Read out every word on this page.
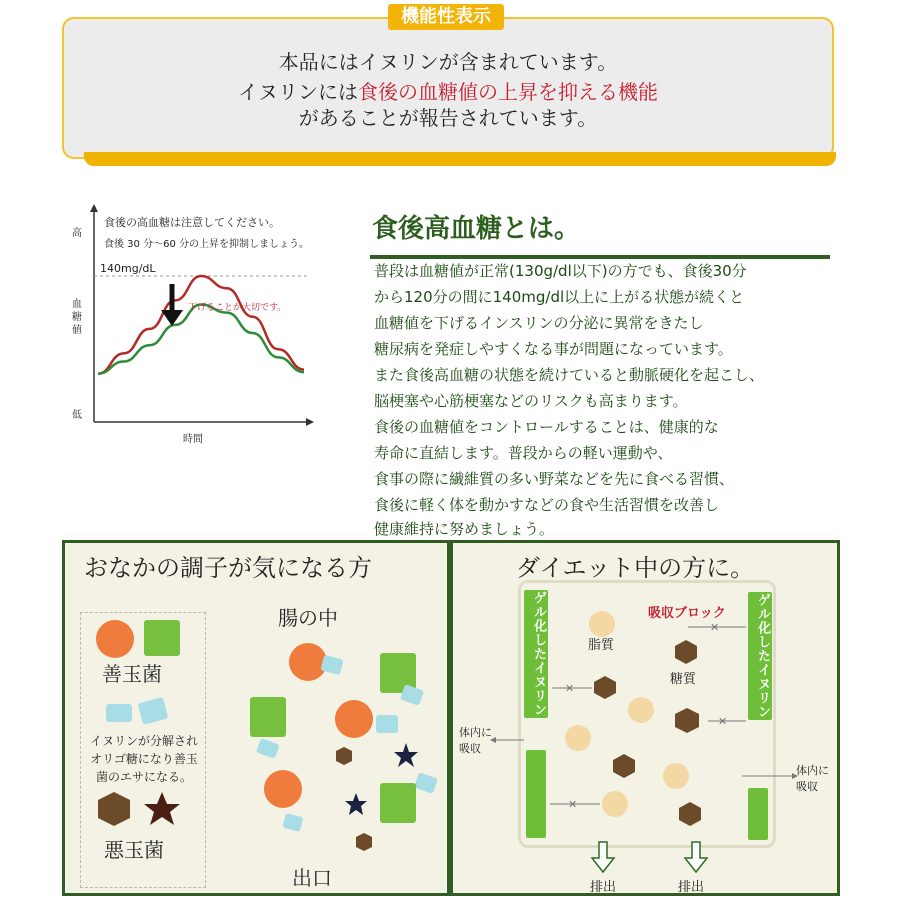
機能性表示
本品にはイヌリンが含まれています。
イヌリンには食後の血糖値の上昇を抑える機能
があることが報告されています。
食後の高血糖は注意してください。
食後 30 分〜60 分の上昇を抑制しましょう。
高
血糖値
低
時間
140mg/dL
下げることが大切です。
食後高血糖とは。
普段は血糖値が正常(130g/dl以下)の方でも、食後30分
から120分の間に140mg/dl以上に上がる状態が続くと
血糖値を下げるインスリンの分泌に異常をきたし
糖尿病を発症しやすくなる事が問題になっています。
また食後高血糖の状態を続けていると動脈硬化を起こし、
脳梗塞や心筋梗塞などのリスクも高まります。
食後の血糖値をコントロールすることは、健康的な
寿命に直結します。普段からの軽い運動や、
食事の際に繊維質の多い野菜などを先に食べる習慣、
食後に軽く体を動かすなどの食や生活習慣を改善し
健康維持に努めましょう。
おなかの調子が気になる方
善玉菌
イヌリンが分解され
オリゴ糖になり善玉
菌のエサになる。
悪玉菌
腸の中
出口
ダイエット中の方に。
ゲル化したイヌリン	ゲル化したイヌリン
吸収ブロック
脂質
糖質
体内に
吸収
体内に
吸収
排出	排出
✕
✕
✕
✕
